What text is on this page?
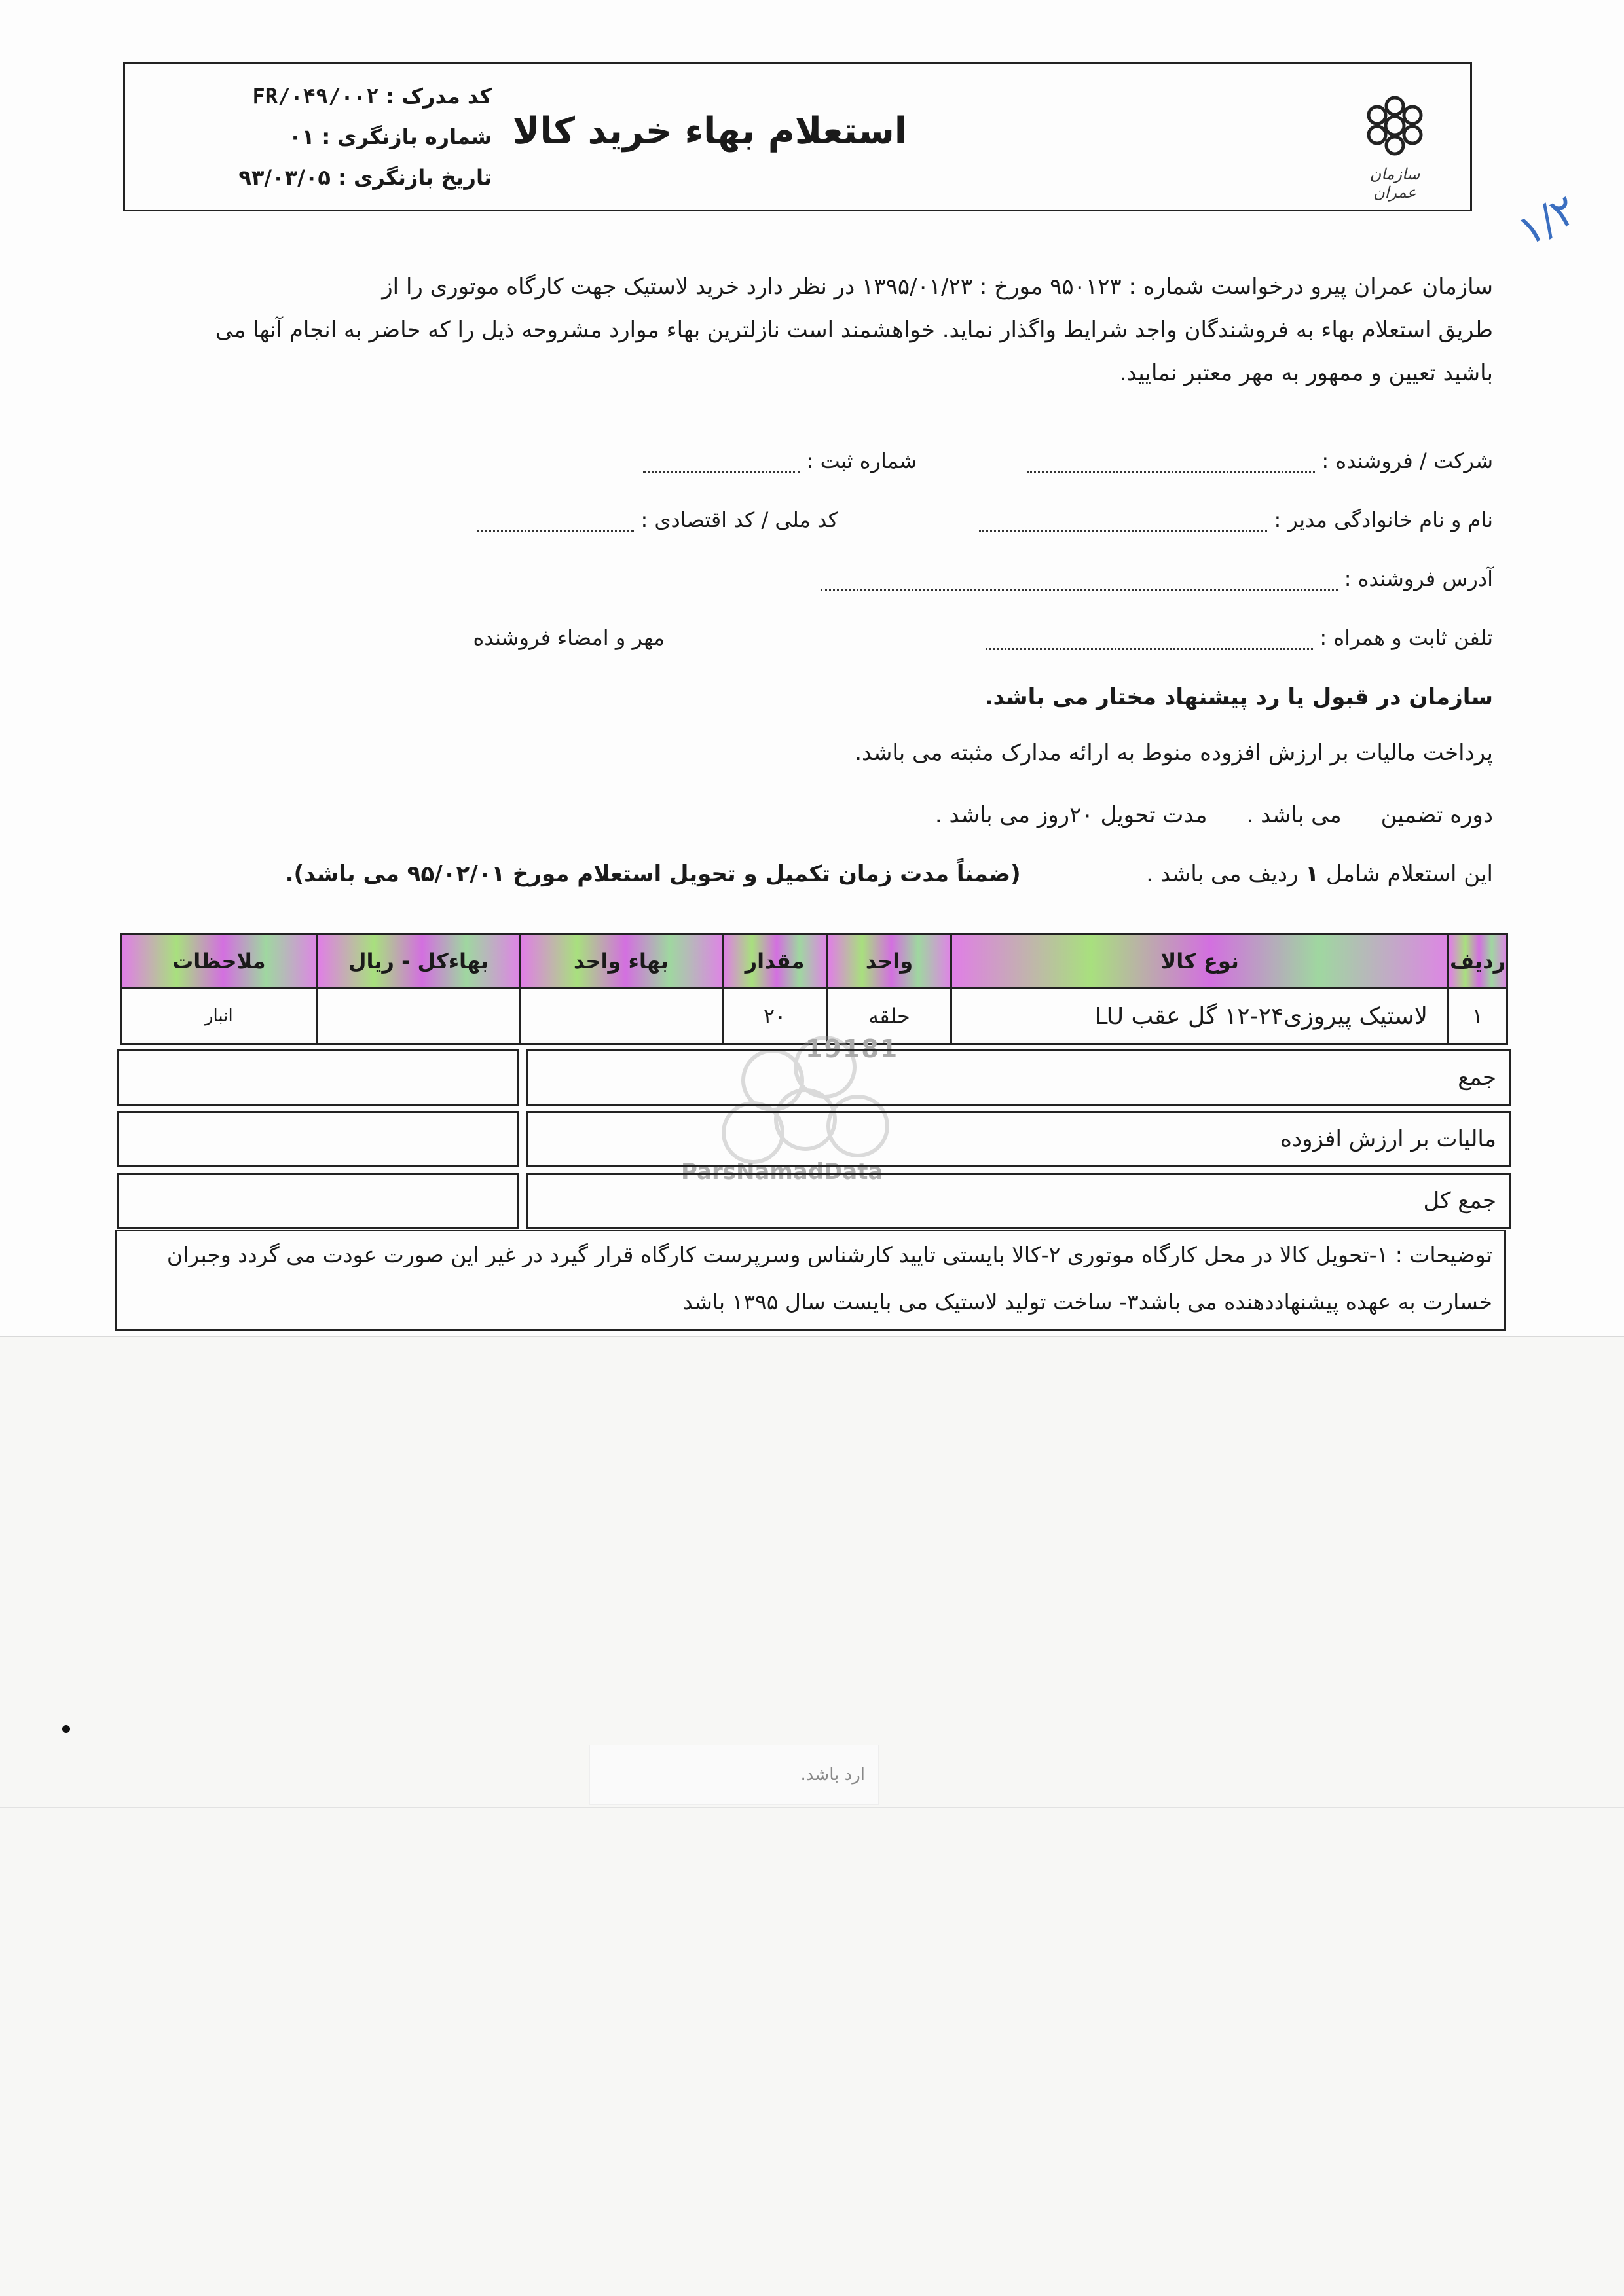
سازمان عمران
استعلام بهاء خرید کالا
کد مدرک : FR/۰۴۹/۰۰۲
شماره بازنگری : ۰۱
تاریخ بازنگری : ۹۳/۰۳/۰۵
۱/۲
سازمان عمران پیرو درخواست شماره : ۹۵۰۱۲۳ مورخ : ۱۳۹۵/۰۱/۲۳ در نظر دارد خرید لاستیک جهت کارگاه موتوری را از
طریق استعلام بهاء به فروشندگان واجد شرایط واگذار نماید. خواهشمند است نازلترین بهاء موارد مشروحه ذیل را که حاضر به انجام آنها می
باشید تعیین و ممهور به مهر معتبر نمایید.
شرکت / فروشنده :
شماره ثبت :
نام و نام خانوادگی مدیر :
کد ملی / کد اقتصادی :
آدرس فروشنده :
تلفن ثابت و همراه :
مهر و امضاء فروشنده
سازمان در قبول یا رد پیشنهاد مختار می باشد.
پرداخت مالیات بر ارزش افزوده منوط به ارائه مدارک مثبته می باشد.
دوره تضمینمی باشد .مدت تحویل ۲۰روز می باشد .
این استعلام شامل ۱ ردیف می باشد .  (ضمناً مدت زمان تکمیل و تحویل استعلام مورخ ۹۵/۰۲/۰۱ می باشد).
ردیف	نوع کالا	واحد	مقدار	بهاء واحد	بهاءکل - ریال	ملاحظات
۱	لاستیک پیروزی۲۴-۱۲ گل عقب LU	حلقه	۲۰			انبار
19181
ParsNamadData
جمع
مالیات بر ارزش افزوده
جمع کل
توضیحات : ۱-تحویل کالا در محل کارگاه موتوری ۲-کالا بایستی تایید کارشناس وسرپرست کارگاه قرار گیرد در غیر این صورت عودت می گردد وجبران
خسارت به عهده پیشنهاددهنده می باشد۳- ساخت تولید لاستیک می بایست سال ۱۳۹۵ باشد
ارد باشد.
